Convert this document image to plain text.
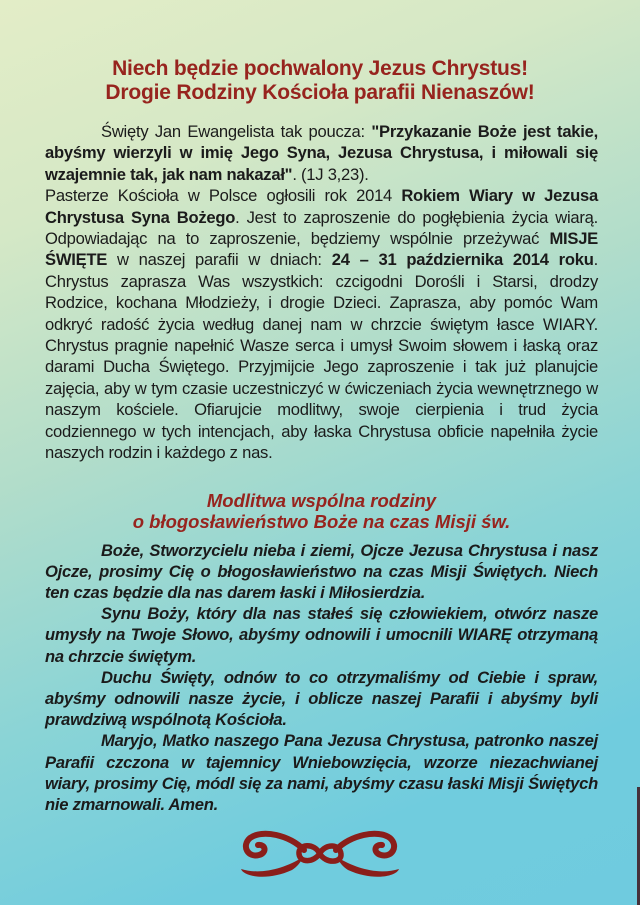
Niech będzie pochwalony Jezus Chrystus!
Drogie Rodziny Kościoła parafii Nienaszów!

Święty Jan Ewangelista tak poucza: "Przykazanie Boże jest takie, abyśmy wierzyli w imię Jego Syna, Jezusa Chrystusa, i miłowali się wzajemnie tak, jak nam nakazał". (1J 3,23).

Pasterze Kościoła w Polsce ogłosili rok 2014 Rokiem Wiary w Jezusa Chrystusa Syna Bożego. Jest to zaproszenie do pogłębienia życia wiarą. Odpowiadając na to zaproszenie, będziemy wspólnie przeżywać MISJE ŚWIĘTE w naszej parafii w dniach: 24 – 31 października 2014 roku. Chrystus zaprasza Was wszystkich: czcigodni Dorośli i Starsi, drodzy Rodzice, kochana Młodzieży, i drogie Dzieci. Zaprasza, aby pomóc Wam odkryć radość życia według danej nam w chrzcie świętym łasce WIARY. Chrystus pragnie napełnić Wasze serca i umysł Swoim słowem i łaską oraz darami Ducha Świętego. Przyjmijcie Jego zaproszenie i tak już planujcie zajęcia, aby w tym czasie uczestniczyć w ćwiczeniach życia wewnętrznego w naszym kościele. Ofiarujcie modlitwy, swoje cierpienia i trud życia codziennego w tych intencjach, aby łaska Chrystusa obficie napełniła życie naszych rodzin i każdego z nas.

Modlitwa wspólna rodziny
o błogosławieństwo Boże na czas Misji św.

Boże, Stworzycielu nieba i ziemi, Ojcze Jezusa Chrystusa i nasz Ojcze, prosimy Cię o błogosławieństwo na czas Misji Świętych. Niech ten czas będzie dla nas darem łaski i Miłosierdzia.

Synu Boży, który dla nas stałeś się człowiekiem, otwórz nasze umysły na Twoje Słowo, abyśmy odnowili i umocnili WIARĘ otrzymaną na chrzcie świętym.

Duchu Święty, odnów to co otrzymaliśmy od Ciebie i spraw, abyśmy odnowili nasze życie, i oblicze naszej Parafii i abyśmy byli prawdziwą wspólnotą Kościoła.

Maryjo, Matko naszego Pana Jezusa Chrystusa, patronko naszej Parafii czczona w tajemnicy Wniebowzięcia, wzorze niezachwianej wiary, prosimy Cię, módl się za nami, abyśmy czasu łaski Misji Świętych nie zmarnowali. Amen.
